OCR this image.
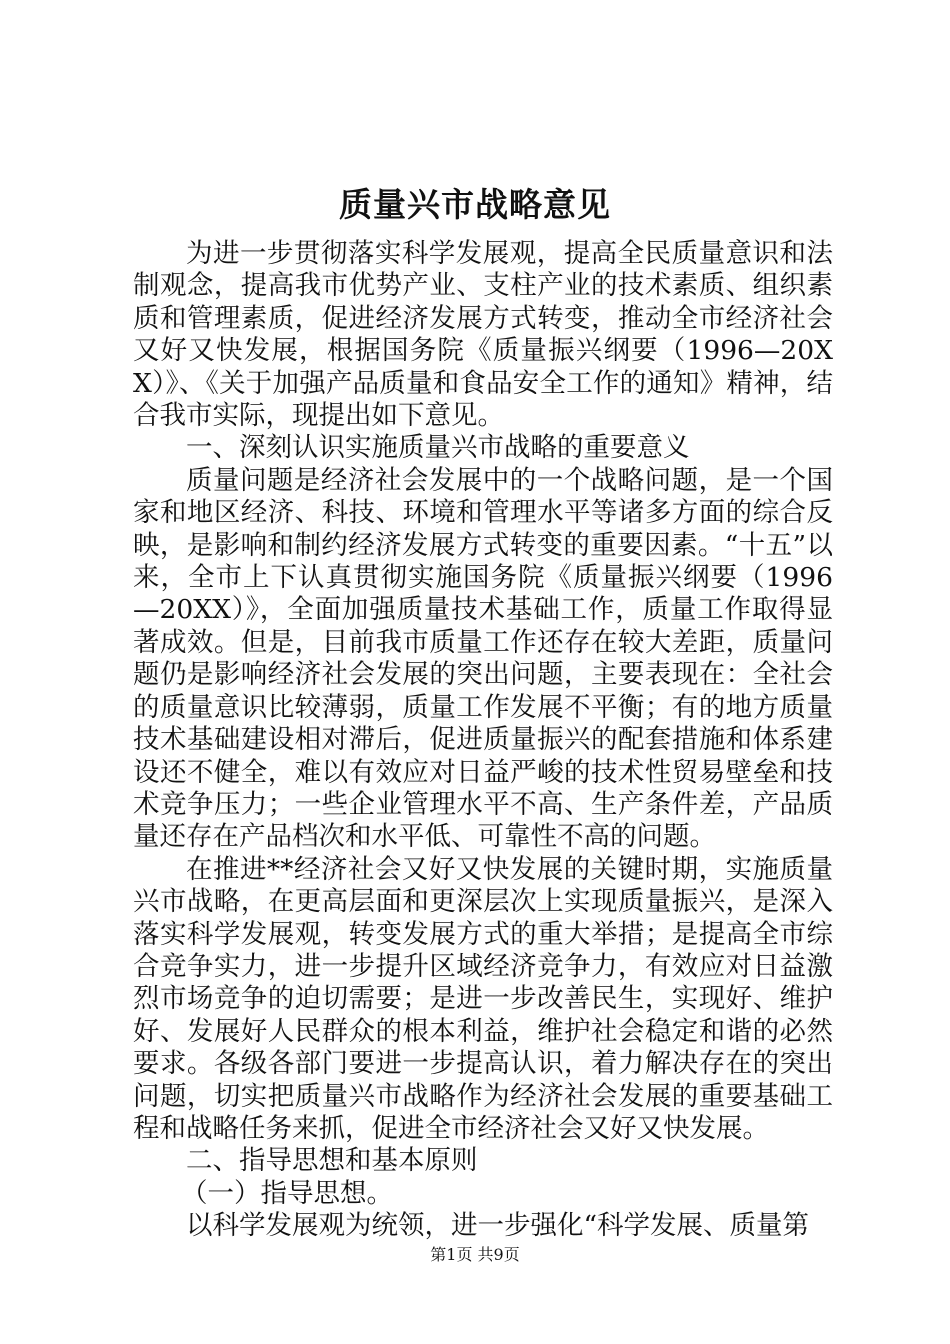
质量兴市战略意见

为进一步贯彻落实科学发展观，提高全民质量意识和法制观念，提高我市优势产业、支柱产业的技术素质、组织素质和管理素质，促进经济发展方式转变，推动全市经济社会又好又快发展，根据国务院《质量振兴纲要（1996—20XX）》、《关于加强产品质量和食品安全工作的通知》精神，结合我市实际，现提出如下意见。

一、深刻认识实施质量兴市战略的重要意义

质量问题是经济社会发展中的一个战略问题，是一个国家和地区经济、科技、环境和管理水平等诸多方面的综合反映，是影响和制约经济发展方式转变的重要因素。“十五”以来，全市上下认真贯彻实施国务院《质量振兴纲要（1996—20XX）》，全面加强质量技术基础工作，质量工作取得显著成效。但是，目前我市质量工作还存在较大差距，质量问题仍是影响经济社会发展的突出问题，主要表现在：全社会的质量意识比较薄弱，质量工作发展不平衡；有的地方质量技术基础建设相对滞后，促进质量振兴的配套措施和体系建设还不健全，难以有效应对日益严峻的技术性贸易壁垒和技术竞争压力；一些企业管理水平不高、生产条件差，产品质量还存在产品档次和水平低、可靠性不高的问题。

在推进**经济社会又好又快发展的关键时期，实施质量兴市战略，在更高层面和更深层次上实现质量振兴，是深入落实科学发展观，转变发展方式的重大举措；是提高全市综合竞争实力，进一步提升区域经济竞争力，有效应对日益激烈市场竞争的迫切需要；是进一步改善民生，实现好、维护好、发展好人民群众的根本利益，维护社会稳定和谐的必然要求。各级各部门要进一步提高认识，着力解决存在的突出问题，切实把质量兴市战略作为经济社会发展的重要基础工程和战略任务来抓，促进全市经济社会又好又快发展。

二、指导思想和基本原则

（一）指导思想。

以科学发展观为统领，进一步强化“科学发展、质量第

第1页 共9页
